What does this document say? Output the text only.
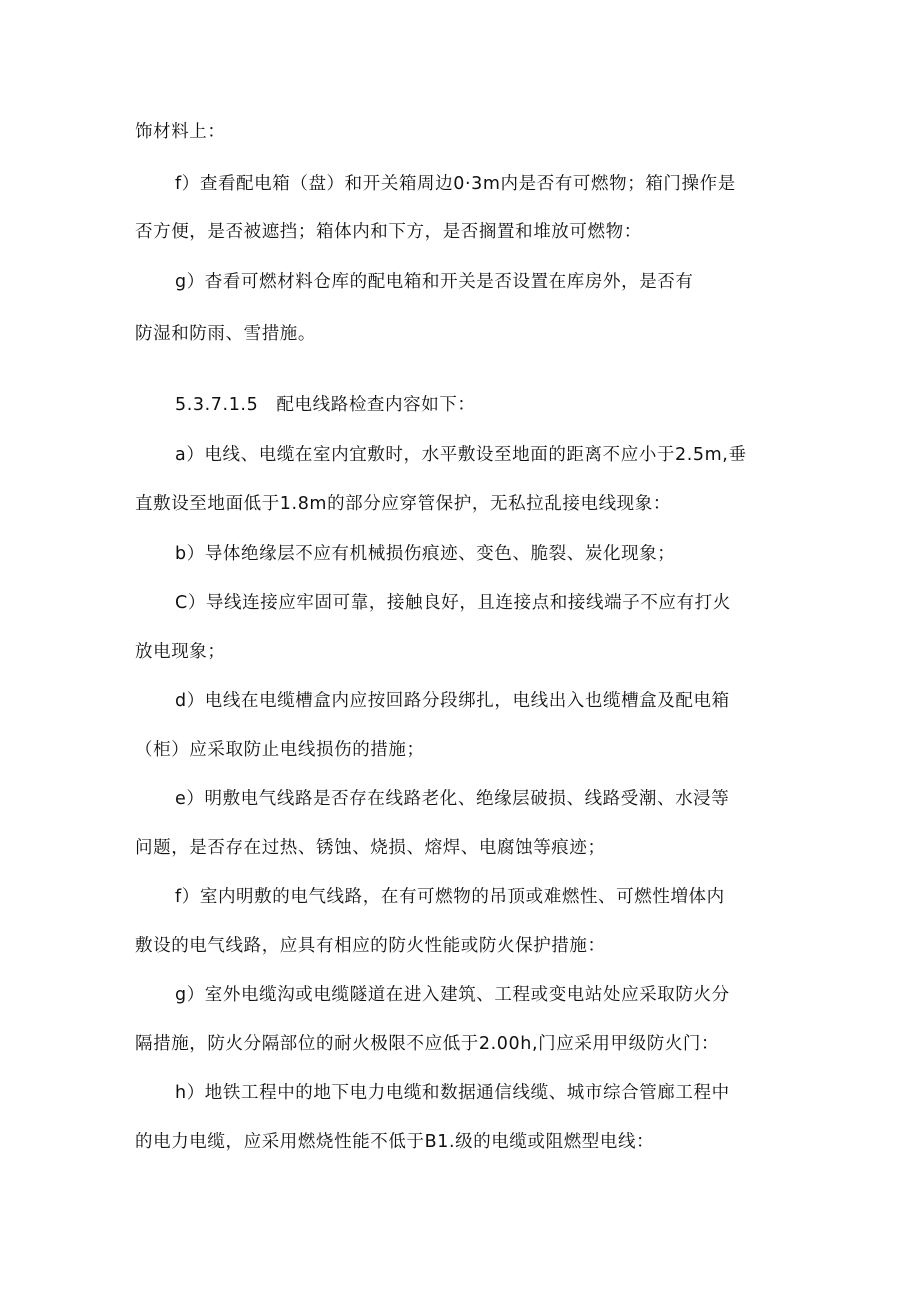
饰材料上：
f）查看配电箱（盘）和开关箱周边0·3m内是否有可燃物；箱门操作是
否方便，是否被遮挡；箱体内和下方，是否搁置和堆放可燃物：
g）杳看可燃材料仓库的配电箱和开关是否设置在库房外，是否有
防湿和防雨、雪措施。
5.3.7.1.5　配电线路检查内容如下：
a）电线、电缆在室内宜敷时，水平敷设至地面的距离不应小于2.5m,垂
直敷设至地面低于1.8m的部分应穿管保护，无私拉乱接电线现象：
b）导体绝缘层不应有机械损伤痕迹、变色、脆裂、炭化现象；
C）导线连接应牢固可靠，接触良好，且连接点和接线端子不应有打火
放电现象；
d）电线在电缆槽盒内应按回路分段绑扎，电线出入也缆槽盒及配电箱
（柜）应采取防止电线损伤的措施；
e）明敷电气线路是否存在线路老化、绝缘层破损、线路受潮、水浸等
问题，是否存在过热、锈蚀、烧损、熔焊、电腐蚀等痕迹；
f）室内明敷的电气线路，在有可燃物的吊顶或难燃性、可燃性増体内
敷设的电气线路，应具有相应的防火性能或防火保护措施：
g）室外电缆沟或电缆隧道在进入建筑、工程或变电站处应采取防火分
隔措施，防火分隔部位的耐火极限不应低于2.00h,门应采用甲级防火门：
h）地铁工程中的地下电力电缆和数据通信线缆、城市综合管廊工程中
的电力电缆，应采用燃烧性能不低于B1.级的电缆或阻燃型电线：
